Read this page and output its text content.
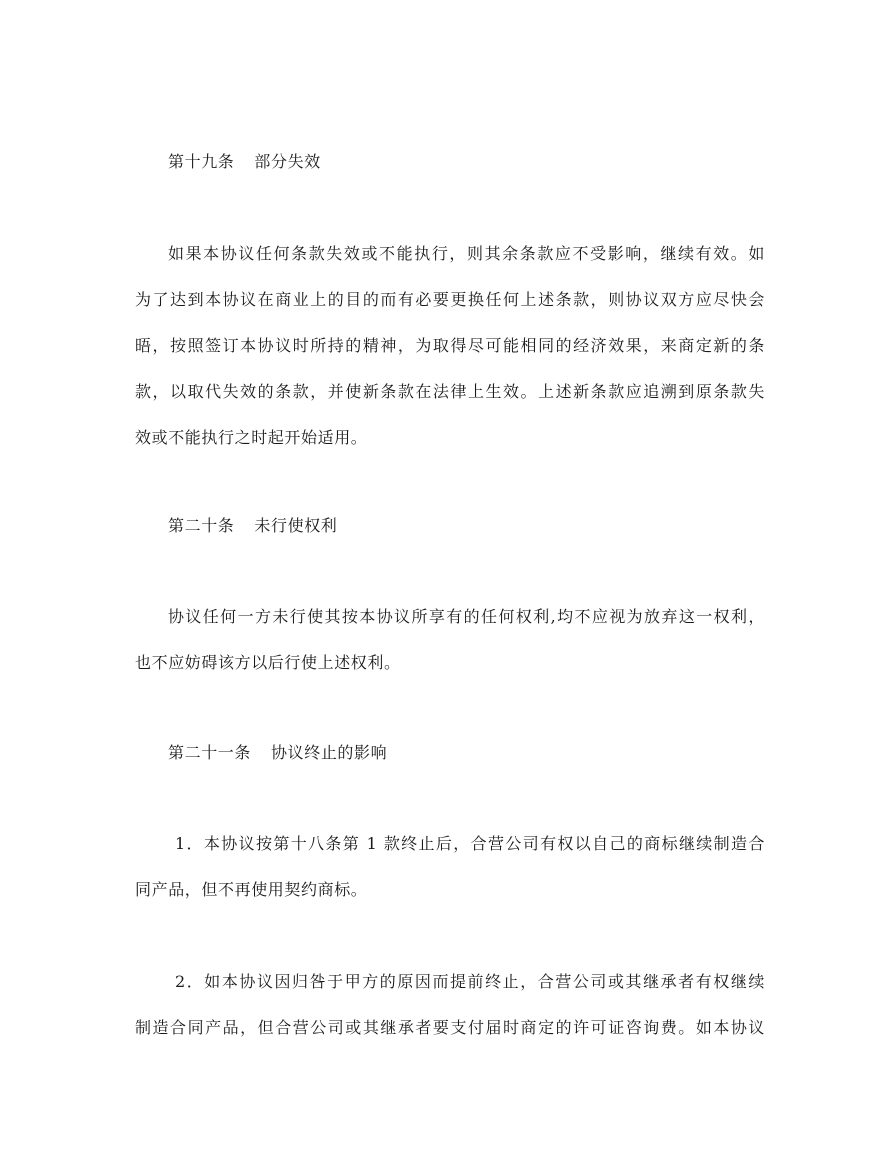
第十九条 部分失效
如果本协议任何条款失效或不能执行，则其余条款应不受影响，继续有效。如
为了达到本协议在商业上的目的而有必要更换任何上述条款，则协议双方应尽快会
晤，按照签订本协议时所持的精神，为取得尽可能相同的经济效果，来商定新的条
款，以取代失效的条款，并使新条款在法律上生效。上述新条款应追溯到原条款失
效或不能执行之时起开始适用。
第二十条 未行使权利
协议任何一方未行使其按本协议所享有的任何权利,均不应视为放弃这一权利，
也不应妨碍该方以后行使上述权利。
第二十一条 协议终止的影响
1．本协议按第十八条第 1 款终止后，合营公司有权以自己的商标继续制造合
同产品，但不再使用契约商标。
2．如本协议因归咎于甲方的原因而提前终止，合营公司或其继承者有权继续
制造合同产品，但合营公司或其继承者要支付届时商定的许可证咨询费。如本协议
